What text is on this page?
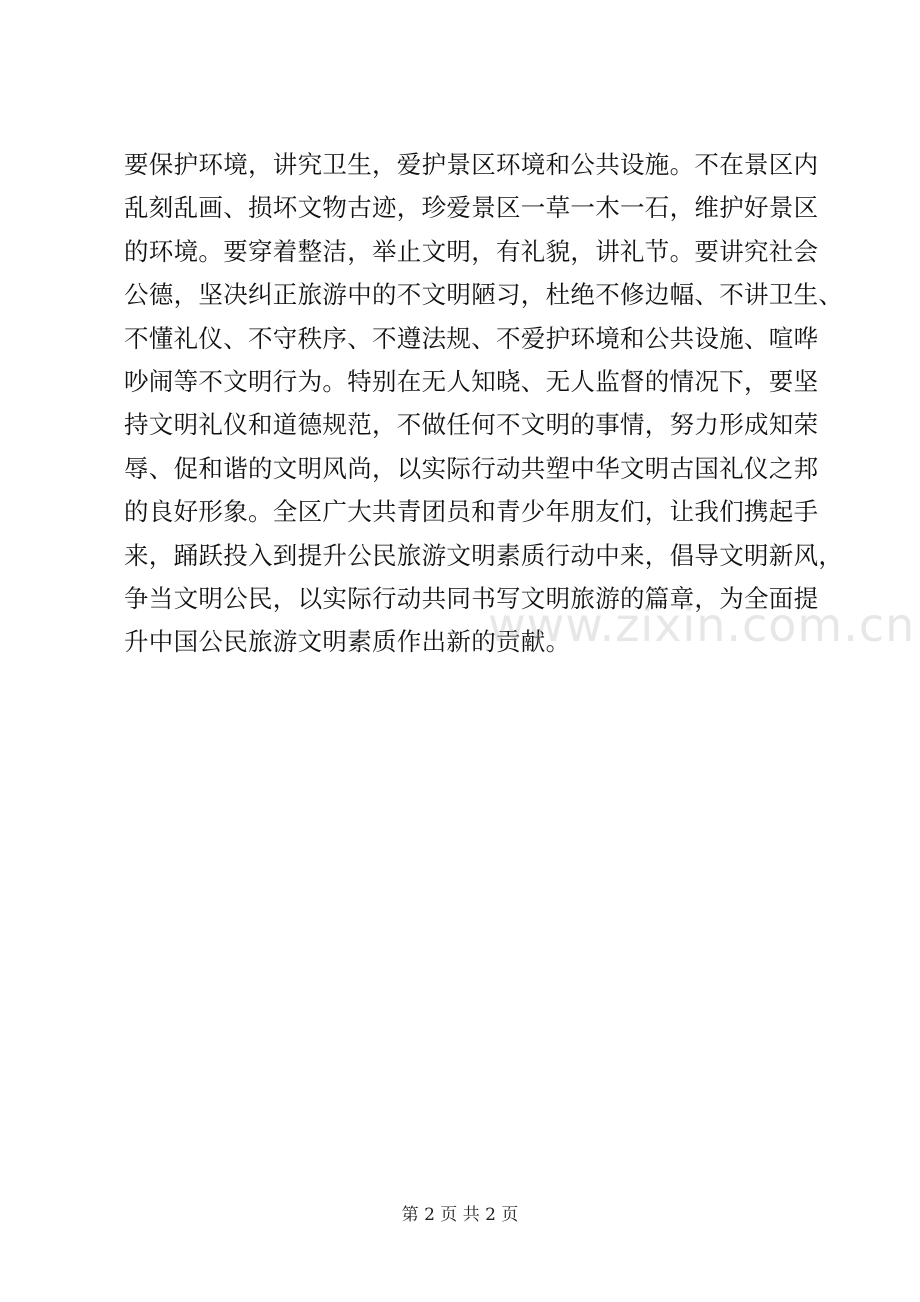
要保护环境，讲究卫生，爱护景区环境和公共设施。不在景区内
乱刻乱画、损坏文物古迹，珍爱景区一草一木一石，维护好景区
的环境。要穿着整洁，举止文明，有礼貌，讲礼节。要讲究社会
公德，坚决纠正旅游中的不文明陋习，杜绝不修边幅、不讲卫生、
不懂礼仪、不守秩序、不遵法规、不爱护环境和公共设施、喧哗
吵闹等不文明行为。特别在无人知晓、无人监督的情况下，要坚
持文明礼仪和道德规范，不做任何不文明的事情，努力形成知荣
辱、促和谐的文明风尚，以实际行动共塑中华文明古国礼仪之邦
的良好形象。全区广大共青团员和青少年朋友们，让我们携起手
来，踊跃投入到提升公民旅游文明素质行动中来，倡导文明新风，
争当文明公民，以实际行动共同书写文明旅游的篇章，为全面提
升中国公民旅游文明素质作出新的贡献。
www.zixin.com.cn
第 2 页 共 2 页
